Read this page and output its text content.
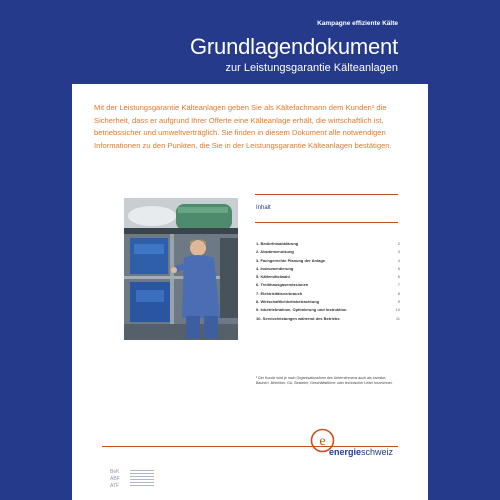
Kampagne effiziente Kälte
Grundlagendokument
zur Leistungsgarantie Kälteanlagen

Mit der Leistungsgarantie Kälteanlagen geben Sie als Kältefachmann dem Kunden¹ die Sicherheit, dass er aufgrund Ihrer Offerte eine Kälteanlage erhält, die wirtschaftlich ist, betriebssicher und umweltverträglich. Sie finden in diesem Dokument alle notwendigen Informationen zu den Punkten, die Sie in der Leistungsgarantie Kälteanlagen bestätigen.

Inhalt
1. Bedürfnisabklärung	2
2. Abwärmenutzung	3
3. Fachgerechte Planung der Anlage	4
4. Instrumentierung	5
5. Kältemittelwahl	6
6. Treibhausgasemissionen	7
7. Elektrizitätsverbrauch	8
8. Wirtschaftlichkeitsbetrachtung	9
9. Inbetriebnahme, Optimierung und Instruktion	10
10. Serviceleistungen während des Betriebs	11
¹ Der Kunde wird je nach Organisationsform des Unternehmens auch als Investor, Bauherr, Betreiber, GU, Besteller, Geschäftsführer oder technischer Leiter bezeichnet.
e
energieschweiz
BeK
ABF
ATF
